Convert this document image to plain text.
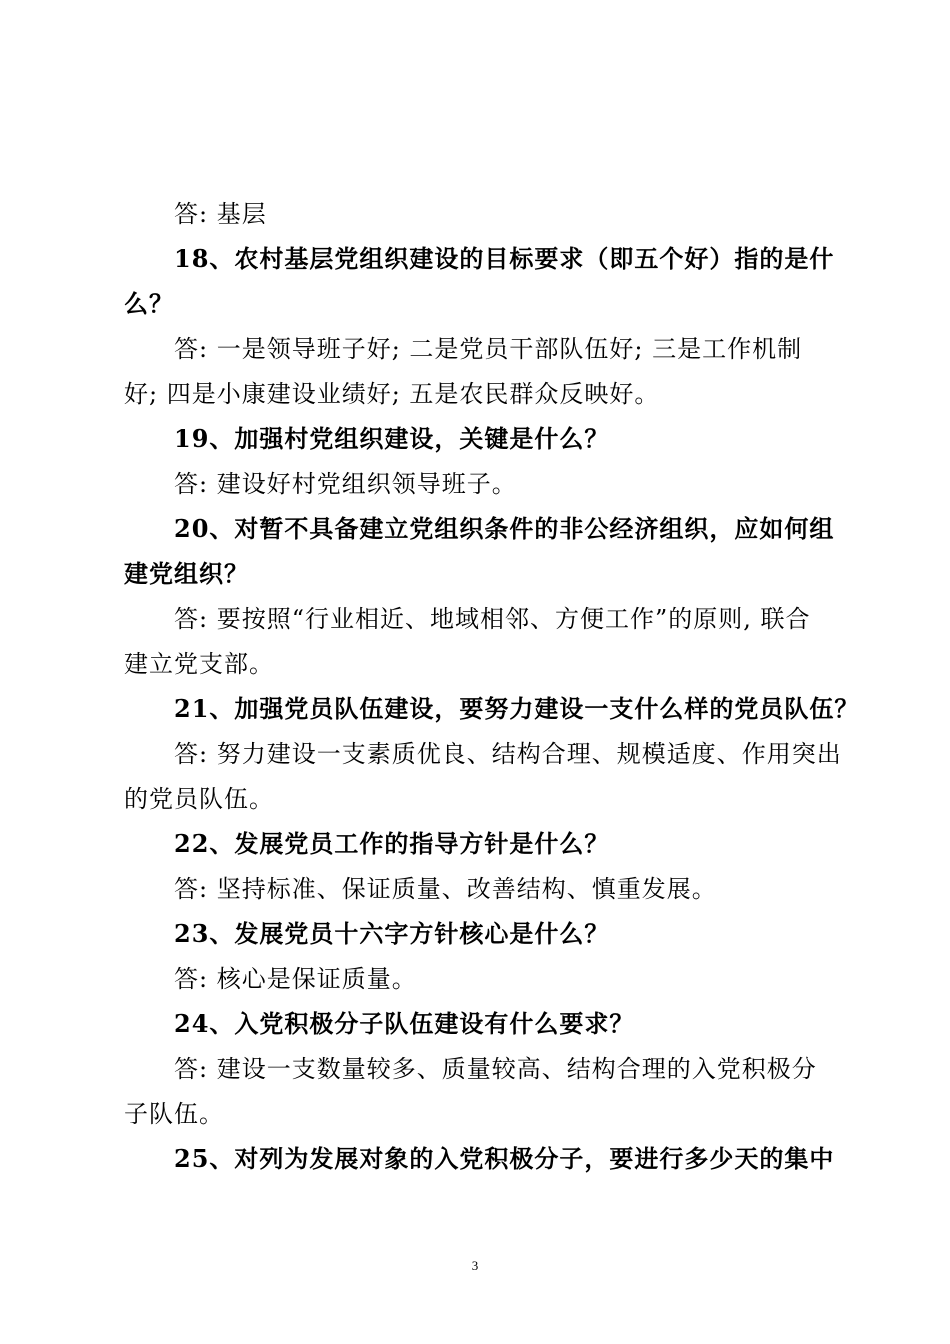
答: 基层
18、农村基层党组织建设的目标要求（即五个好）指的是什
么？
答: 一是领导班子好; 二是党员干部队伍好; 三是工作机制
好; 四是小康建设业绩好; 五是农民群众反映好。
19、加强村党组织建设，关键是什么？
答: 建设好村党组织领导班子。
20、对暂不具备建立党组织条件的非公经济组织，应如何组
建党组织？
答: 要按照“行业相近、地域相邻、方便工作”的原则, 联合
建立党支部。
21、加强党员队伍建设，要努力建设一支什么样的党员队伍？
答: 努力建设一支素质优良、结构合理、规模适度、作用突出
的党员队伍。
22、发展党员工作的指导方针是什么？
答: 坚持标准、保证质量、改善结构、慎重发展。
23、发展党员十六字方针核心是什么？
答: 核心是保证质量。
24、入党积极分子队伍建设有什么要求？
答: 建设一支数量较多、质量较高、结构合理的入党积极分
子队伍。
25、对列为发展对象的入党积极分子，要进行多少天的集中
3
